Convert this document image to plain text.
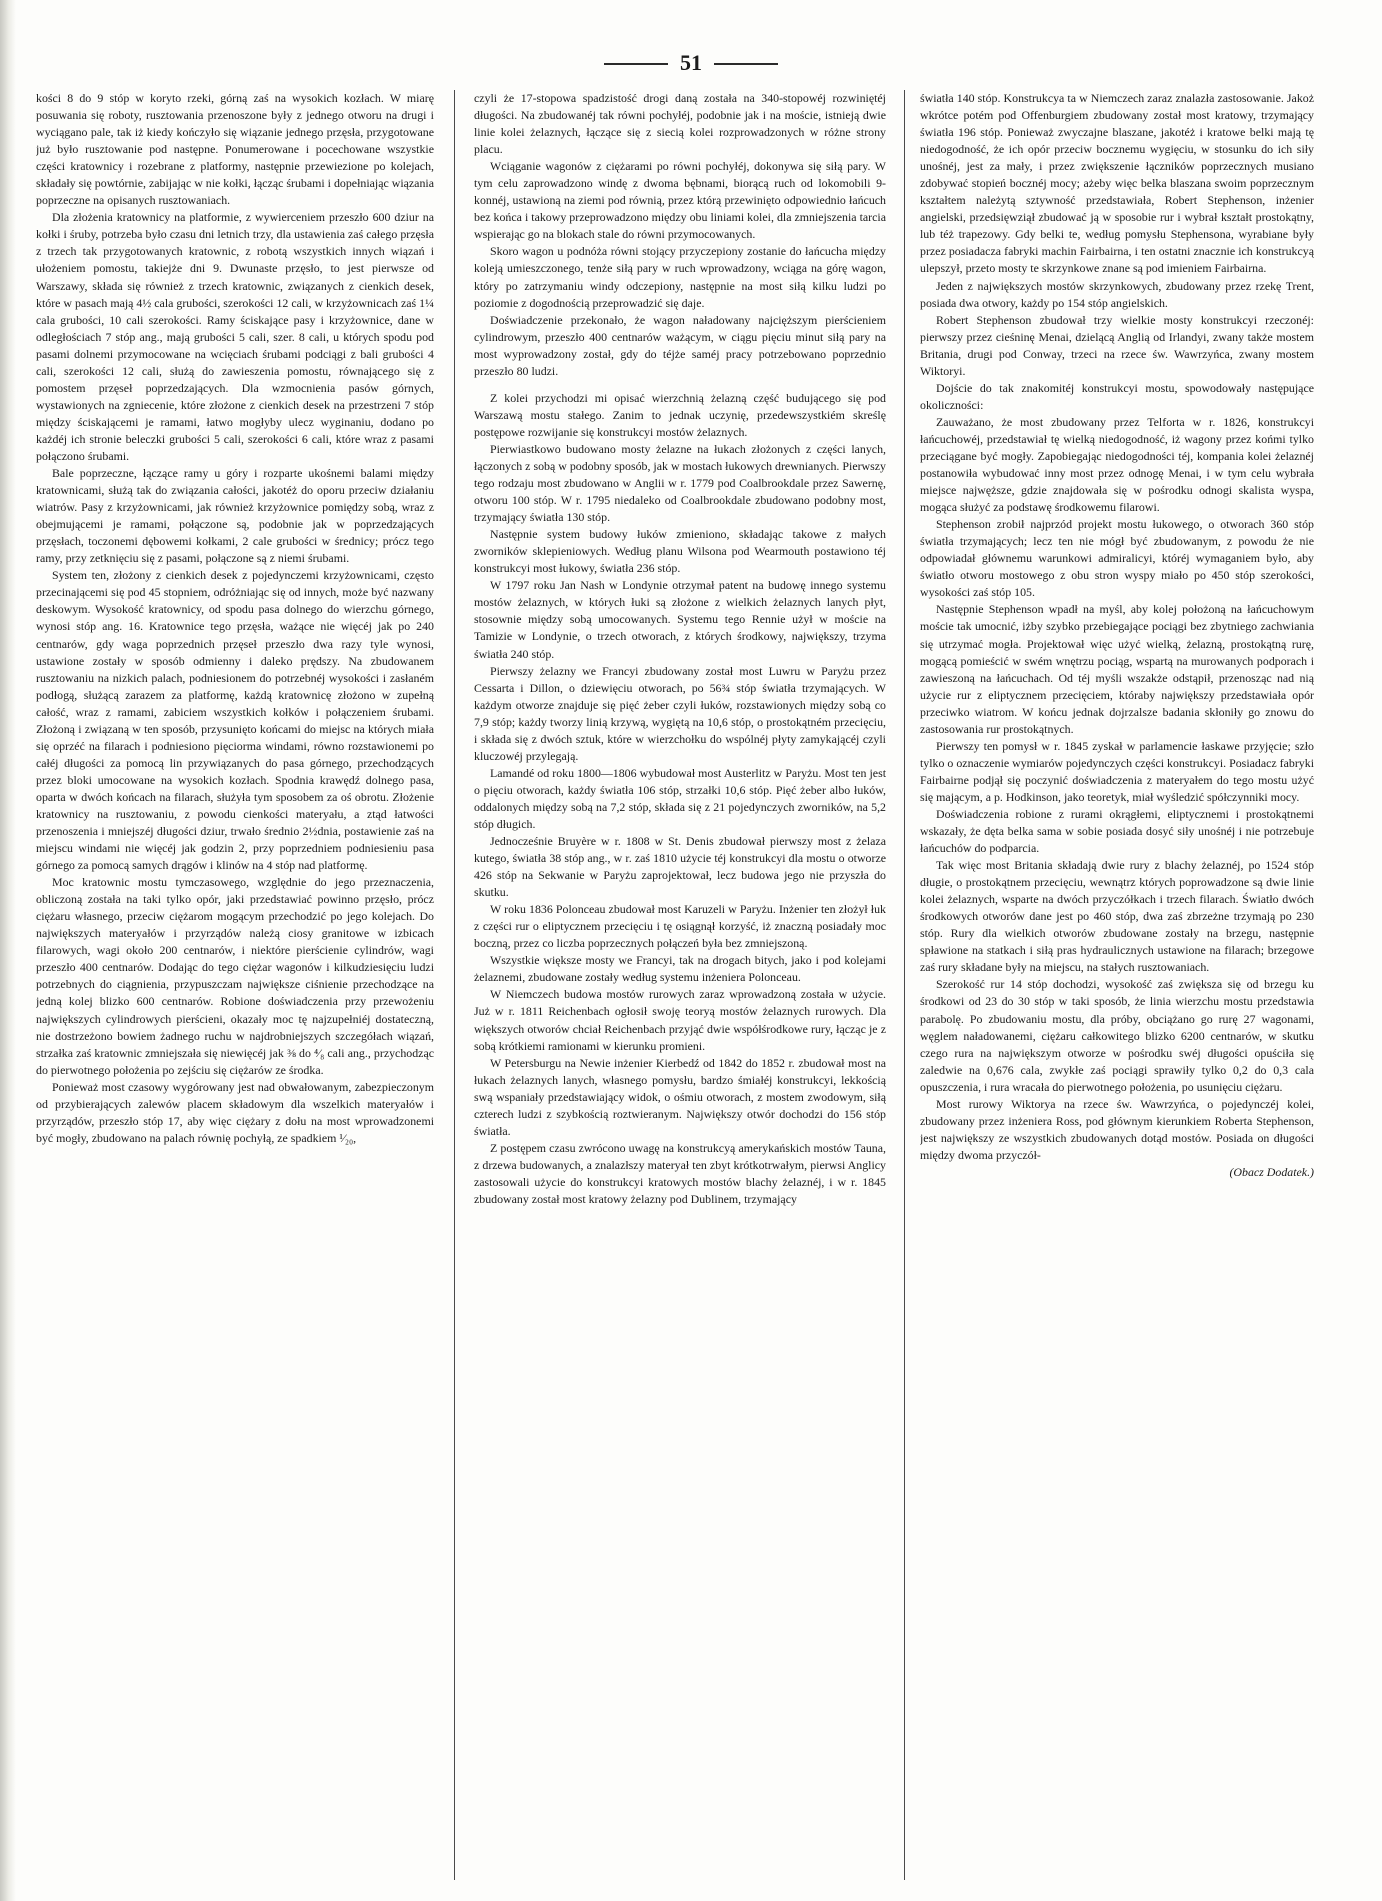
51

kości 8 do 9 stóp w koryto rzeki, górną zaś na wysokich kozłach. W miarę posuwania się roboty, rusztowania przenoszone były z jednego otworu na drugi i wyciągano pale, tak iż kiedy kończyło się wiązanie jednego przęsła, przygotowane już było rusztowanie pod następne. Ponumerowane i pocechowane wszystkie części kratownicy i rozebrane z platformy, następnie przewiezione po kolejach, składały się powtórnie, zabijając w nie kołki, łącząc śrubami i dopełniając wiązania poprzeczne na opisanych rusztowaniach.

Dla złożenia kratownicy na platformie, z wywierceniem przeszło 600 dziur na kołki i śruby, potrzeba było czasu dni letnich trzy, dla ustawienia zaś całego przęsła z trzech tak przygotowanych kratownic, z robotą wszystkich innych wiązań i ułożeniem pomostu, takiejże dni 9. Dwunaste przęsło, to jest pierwsze od Warszawy, składa się również z trzech kratownic, związanych z cienkich desek, które w pasach mają 4½ cala grubości, szerokości 12 cali, w krzyżownicach zaś 1¼ cala grubości, 10 cali szerokości. Ramy ściskające pasy i krzyżownice, dane w odległościach 7 stóp ang., mają grubości 5 cali, szer. 8 cali, u których spodu pod pasami dolnemi przymocowane na wcięciach śrubami podciągi z bali grubości 4 cali, szerokości 12 cali, służą do zawieszenia pomostu, równającego się z pomostem przęseł poprzedzających. Dla wzmocnienia pasów górnych, wystawionych na zgniecenie, które złożone z cienkich desek na przestrzeni 7 stóp między ściskającemi je ramami, łatwo mogłyby ulecz wyginaniu, dodano po każdéj ich stronie beleczki grubości 5 cali, szerokości 6 cali, które wraz z pasami połączono śrubami.

Bale poprzeczne, łączące ramy u góry i rozparte ukośnemi balami między kratownicami, służą tak do związania całości, jakotéż do oporu przeciw działaniu wiatrów. Pasy z krzyżownicami, jak również krzyżownice pomiędzy sobą, wraz z obejmującemi je ramami, połączone są, podobnie jak w poprzedzających przęsłach, toczonemi dębowemi kołkami, 2 cale grubości w średnicy; prócz tego ramy, przy zetknięciu się z pasami, połączone są z niemi śrubami.

System ten, złożony z cienkich desek z pojedynczemi krzyżownicami, często przecinającemi się pod 45 stopniem, odróżniając się od innych, może być nazwany deskowym. Wysokość kratownicy, od spodu pasa dolnego do wierzchu górnego, wynosi stóp ang. 16. Kratownice tego przęsła, ważące nie więcéj jak po 240 centnarów, gdy waga poprzednich przęseł przeszło dwa razy tyle wynosi, ustawione zostały w sposób odmienny i daleko prędszy. Na zbudowanem rusztowaniu na nizkich palach, podniesionem do potrzebnéj wysokości i zasłaném podłogą, służącą zarazem za platformę, każdą kratownicę złożono w zupełną całość, wraz z ramami, zabiciem wszystkich kołków i połączeniem śrubami. Złożoną i związaną w ten sposób, przysunięto końcami do miejsc na których miała się oprzéć na filarach i podniesiono pięciorma windami, równo rozstawionemi po całéj długości za pomocą lin przywiązanych do pasa górnego, przechodzących przez bloki umocowane na wysokich kozłach. Spodnia krawędź dolnego pasa, oparta w dwóch końcach na filarach, służyła tym sposobem za oś obrotu. Złożenie kratownicy na rusztowaniu, z powodu cienkości materyału, a ztąd łatwości przenoszenia i mniejszéj długości dziur, trwało średnio 2½dnia, postawienie zaś na miejscu windami nie więcéj jak godzin 2, przy poprzedniem podniesieniu pasa górnego za pomocą samych drągów i klinów na 4 stóp nad platformę.

Moc kratownic mostu tymczasowego, względnie do jego przeznaczenia, obliczoną została na taki tylko opór, jaki przedstawiać powinno przęsło, prócz ciężaru własnego, przeciw ciężarom mogącym przechodzić po jego kolejach. Do największych materyałów i przyrządów należą ciosy granitowe w izbicach filarowych, wagi około 200 centnarów, i niektóre pierścienie cylindrów, wagi przeszło 400 centnarów. Dodając do tego ciężar wagonów i kilkudziesięciu ludzi potrzebnych do ciągnienia, przypuszczam największe ciśnienie przechodzące na jedną kolej blizko 600 centnarów. Robione doświadczenia przy przewożeniu największych cylindrowych pierścieni, okazały moc tę najzupełniéj dostateczną, nie dostrzeżono bowiem żadnego ruchu w najdrobniejszych szczegółach wiązań, strzałka zaś kratownic zmniejszała się niewięcéj jak ⅜ do ⁴⁄₈ cali ang., przychodząc do pierwotnego położenia po zejściu się ciężarów ze środka.

Ponieważ most czasowy wygórowany jest nad obwałowanym, zabezpieczonym od przybierających zalewów placem składowym dla wszelkich materyałów i przyrządów, przeszło stóp 17, aby więc ciężary z dołu na most wprowadzonemi być mogły, zbudowano na palach równię pochyłą, ze spadkiem ¹⁄₂₀,

czyli że 17-stopowa spadzistość drogi daną została na 340-stopowéj rozwiniętéj długości. Na zbudowanéj tak równi pochyłéj, podobnie jak i na moście, istnieją dwie linie kolei żelaznych, łączące się z siecią kolei rozprowadzonych w różne strony placu.

Wciąganie wagonów z ciężarami po równi pochyłéj, dokonywa się siłą pary. W tym celu zaprowadzono windę z dwoma bębnami, biorącą ruch od lokomobili 9-konnéj, ustawioną na ziemi pod równią, przez którą przewinięto odpowiednio łańcuch bez końca i takowy przeprowadzono między obu liniami kolei, dla zmniejszenia tarcia wspierając go na blokach stale do równi przymocowanych.

Skoro wagon u podnóża równi stojący przyczepiony zostanie do łańcucha między koleją umieszczonego, tenże siłą pary w ruch wprowadzony, wciąga na górę wagon, który po zatrzymaniu windy odczepiony, następnie na most siłą kilku ludzi po poziomie z dogodnością przeprowadzić się daje.

Doświadczenie przekonało, że wagon naładowany najcięższym pierścieniem cylindrowym, przeszło 400 centnarów ważącym, w ciągu pięciu minut siłą pary na most wyprowadzony został, gdy do téjże saméj pracy potrzebowano poprzednio przeszło 80 ludzi.

Z kolei przychodzi mi opisać wierzchnią żelazną część budującego się pod Warszawą mostu stałego. Zanim to jednak uczynię, przedewszystkiém skreślę postępowe rozwijanie się konstrukcyi mostów żelaznych.

Pierwiastkowo budowano mosty żelazne na łukach złożonych z części lanych, łączonych z sobą w podobny sposób, jak w mostach łukowych drewnianych. Pierwszy tego rodzaju most zbudowano w Anglii w r. 1779 pod Coalbrookdale przez Sawernę, otworu 100 stóp. W r. 1795 niedaleko od Coalbrookdale zbudowano podobny most, trzymający światła 130 stóp.

Następnie system budowy łuków zmieniono, składając takowe z małych zworników sklepieniowych. Według planu Wilsona pod Wearmouth postawiono téj konstrukcyi most łukowy, światła 236 stóp.

W 1797 roku Jan Nash w Londynie otrzymał patent na budowę innego systemu mostów żelaznych, w których łuki są złożone z wielkich żelaznych lanych płyt, stosownie między sobą umocowanych. Systemu tego Rennie użył w moście na Tamizie w Londynie, o trzech otworach, z których środkowy, największy, trzyma światła 240 stóp.

Pierwszy żelazny we Francyi zbudowany został most Luwru w Paryżu przez Cessarta i Dillon, o dziewięciu otworach, po 56¾ stóp światła trzymających. W każdym otworze znajduje się pięć żeber czyli łuków, rozstawionych między sobą co 7,9 stóp; każdy tworzy linią krzywą, wygiętą na 10,6 stóp, o prostokątném przecięciu, i składa się z dwóch sztuk, które w wierzchołku do wspólnéj płyty zamykającéj czyli kluczowéj przylegają.

Lamandé od roku 1800—1806 wybudował most Austerlitz w Paryżu. Most ten jest o pięciu otworach, każdy światła 106 stóp, strzałki 10,6 stóp. Pięć żeber albo łuków, oddalonych między sobą na 7,2 stóp, składa się z 21 pojedynczych zworników, na 5,2 stóp długich.

Jednocześnie Bruyère w r. 1808 w St. Denis zbudował pierwszy most z żelaza kutego, światła 38 stóp ang., w r. zaś 1810 użycie téj konstrukcyi dla mostu o otworze 426 stóp na Sekwanie w Paryżu zaprojektował, lecz budowa jego nie przyszła do skutku.

W roku 1836 Polonceau zbudował most Karuzeli w Paryżu. Inżenier ten złożył łuk z części rur o eliptycznem przecięciu i tę osiągnął korzyść, iż znaczną posiadały moc boczną, przez co liczba poprzecznych połączeń była bez zmniejszoną.

Wszystkie większe mosty we Francyi, tak na drogach bitych, jako i pod kolejami żelaznemi, zbudowane zostały według systemu inżeniera Polonceau.

W Niemczech budowa mostów rurowych zaraz wprowadzoną została w użycie. Już w r. 1811 Reichenbach ogłosił swoję teoryą mostów żelaznych rurowych. Dla większych otworów chciał Reichenbach przyjąć dwie współśrodkowe rury, łącząc je z sobą krótkiemi ramionami w kierunku promieni.

W Petersburgu na Newie inżenier Kierbedź od 1842 do 1852 r. zbudował most na łukach żelaznych lanych, własnego pomysłu, bardzo śmiałéj konstrukcyi, lekkością swą wspaniały przedstawiający widok, o ośmiu otworach, z mostem zwodowym, siłą czterech ludzi z szybkością roztwieranym. Największy otwór dochodzi do 156 stóp światła.

Z postępem czasu zwrócono uwagę na konstrukcyą amerykańskich mostów Tauna, z drzewa budowanych, a znalazłszy materyał ten zbyt krótkotrwałym, pierwsi Anglicy zastosowali użycie do konstrukcyi kratowych mostów blachy żelaznéj, i w r. 1845 zbudowany został most kratowy żelazny pod Dublinem, trzymający

światła 140 stóp. Konstrukcya ta w Niemczech zaraz znalazła zastosowanie. Jakoż wkrótce potém pod Offenburgiem zbudowany został most kratowy, trzymający światła 196 stóp. Ponieważ zwyczajne blaszane, jakotéż i kratowe belki mają tę niedogodność, że ich opór przeciw bocznemu wygięciu, w stosunku do ich siły unośnéj, jest za mały, i przez zwiększenie łączników poprzecznych musiano zdobywać stopień bocznéj mocy; ażeby więc belka blaszana swoim poprzecznym kształtem należytą sztywność przedstawiała, Robert Stephenson, inżenier angielski, przedsięwziął zbudować ją w sposobie rur i wybrał kształt prostokątny, lub téż trapezowy. Gdy belki te, według pomysłu Stephensona, wyrabiane były przez posiadacza fabryki machin Fairbairna, i ten ostatni znacznie ich konstrukcyą ulepszył, przeto mosty te skrzynkowe znane są pod imieniem Fairbairna.

Jeden z największych mostów skrzynkowych, zbudowany przez rzekę Trent, posiada dwa otwory, każdy po 154 stóp angielskich.

Robert Stephenson zbudował trzy wielkie mosty konstrukcyi rzeczonéj: pierwszy przez cieśninę Menai, dzielącą Anglią od Irlandyi, zwany także mostem Britania, drugi pod Conway, trzeci na rzece św. Wawrzyńca, zwany mostem Wiktoryi.

Dojście do tak znakomitéj konstrukcyi mostu, spowodowały następujące okoliczności:

Zauważano, że most zbudowany przez Telforta w r. 1826, konstrukcyi łańcuchowéj, przedstawiał tę wielką niedogodność, iż wagony przez końmi tylko przeciągane być mogły. Zapobiegając niedogodności téj, kompania kolei żelaznéj postanowiła wybudować inny most przez odnogę Menai, i w tym celu wybrała miejsce najwęższe, gdzie znajdowała się w pośrodku odnogi skalista wyspa, mogąca służyć za podstawę środkowemu filarowi.

Stephenson zrobił najprzód projekt mostu łukowego, o otworach 360 stóp światła trzymających; lecz ten nie mógł być zbudowanym, z powodu że nie odpowiadał głównemu warunkowi admiralicyi, któréj wymaganiem było, aby światło otworu mostowego z obu stron wyspy miało po 450 stóp szerokości, wysokości zaś stóp 105.

Następnie Stephenson wpadł na myśl, aby kolej położoną na łańcuchowym moście tak umocnić, iżby szybko przebiegające pociągi bez zbytniego zachwiania się utrzymać mogła. Projektował więc użyć wielką, żelazną, prostokątną rurę, mogącą pomieścić w swém wnętrzu pociąg, wspartą na murowanych podporach i zawieszoną na łańcuchach. Od téj myśli wszakże odstąpił, przenosząc nad nią użycie rur z eliptycznem przecięciem, któraby największy przedstawiała opór przeciwko wiatrom. W końcu jednak dojrzalsze badania skłoniły go znowu do zastosowania rur prostokątnych.

Pierwszy ten pomysł w r. 1845 zyskał w parlamencie łaskawe przyjęcie; szło tylko o oznaczenie wymiarów pojedynczych części konstrukcyi. Posiadacz fabryki Fairbairne podjął się poczynić doświadczenia z materyałem do tego mostu użyć się mającym, a p. Hodkinson, jako teoretyk, miał wyśledzić spółczynniki mocy.

Doświadczenia robione z rurami okrągłemi, eliptycznemi i prostokątnemi wskazały, że dęta belka sama w sobie posiada dosyć siły unośnéj i nie potrzebuje łańcuchów do podparcia.

Tak więc most Britania składają dwie rury z blachy żelaznéj, po 1524 stóp długie, o prostokątnem przecięciu, wewnątrz których poprowadzone są dwie linie kolei żelaznych, wsparte na dwóch przyczółkach i trzech filarach. Światło dwóch środkowych otworów dane jest po 460 stóp, dwa zaś zbrzeżne trzymają po 230 stóp. Rury dla wielkich otworów zbudowane zostały na brzegu, następnie spławione na statkach i siłą pras hydraulicznych ustawione na filarach; brzegowe zaś rury składane były na miejscu, na stałych rusztowaniach.

Szerokość rur 14 stóp dochodzi, wysokość zaś zwiększa się od brzegu ku środkowi od 23 do 30 stóp w taki sposób, że linia wierzchu mostu przedstawia parabolę. Po zbudowaniu mostu, dla próby, obciążano go rurę 27 wagonami, węglem naładowanemi, ciężaru całkowitego blizko 6200 centnarów, w skutku czego rura na największym otworze w pośrodku swéj długości opuściła się zaledwie na 0,676 cala, zwykłe zaś pociągi sprawiły tylko 0,2 do 0,3 cala opuszczenia, i rura wracała do pierwotnego położenia, po usunięciu ciężaru.

Most rurowy Wiktorya na rzece św. Wawrzyńca, o pojedynczéj kolei, zbudowany przez inżeniera Ross, pod głównym kierunkiem Roberta Stephenson, jest największy ze wszystkich zbudowanych dotąd mostów. Posiada on długości między dwoma przyczół-

(Obacz Dodatek.)
